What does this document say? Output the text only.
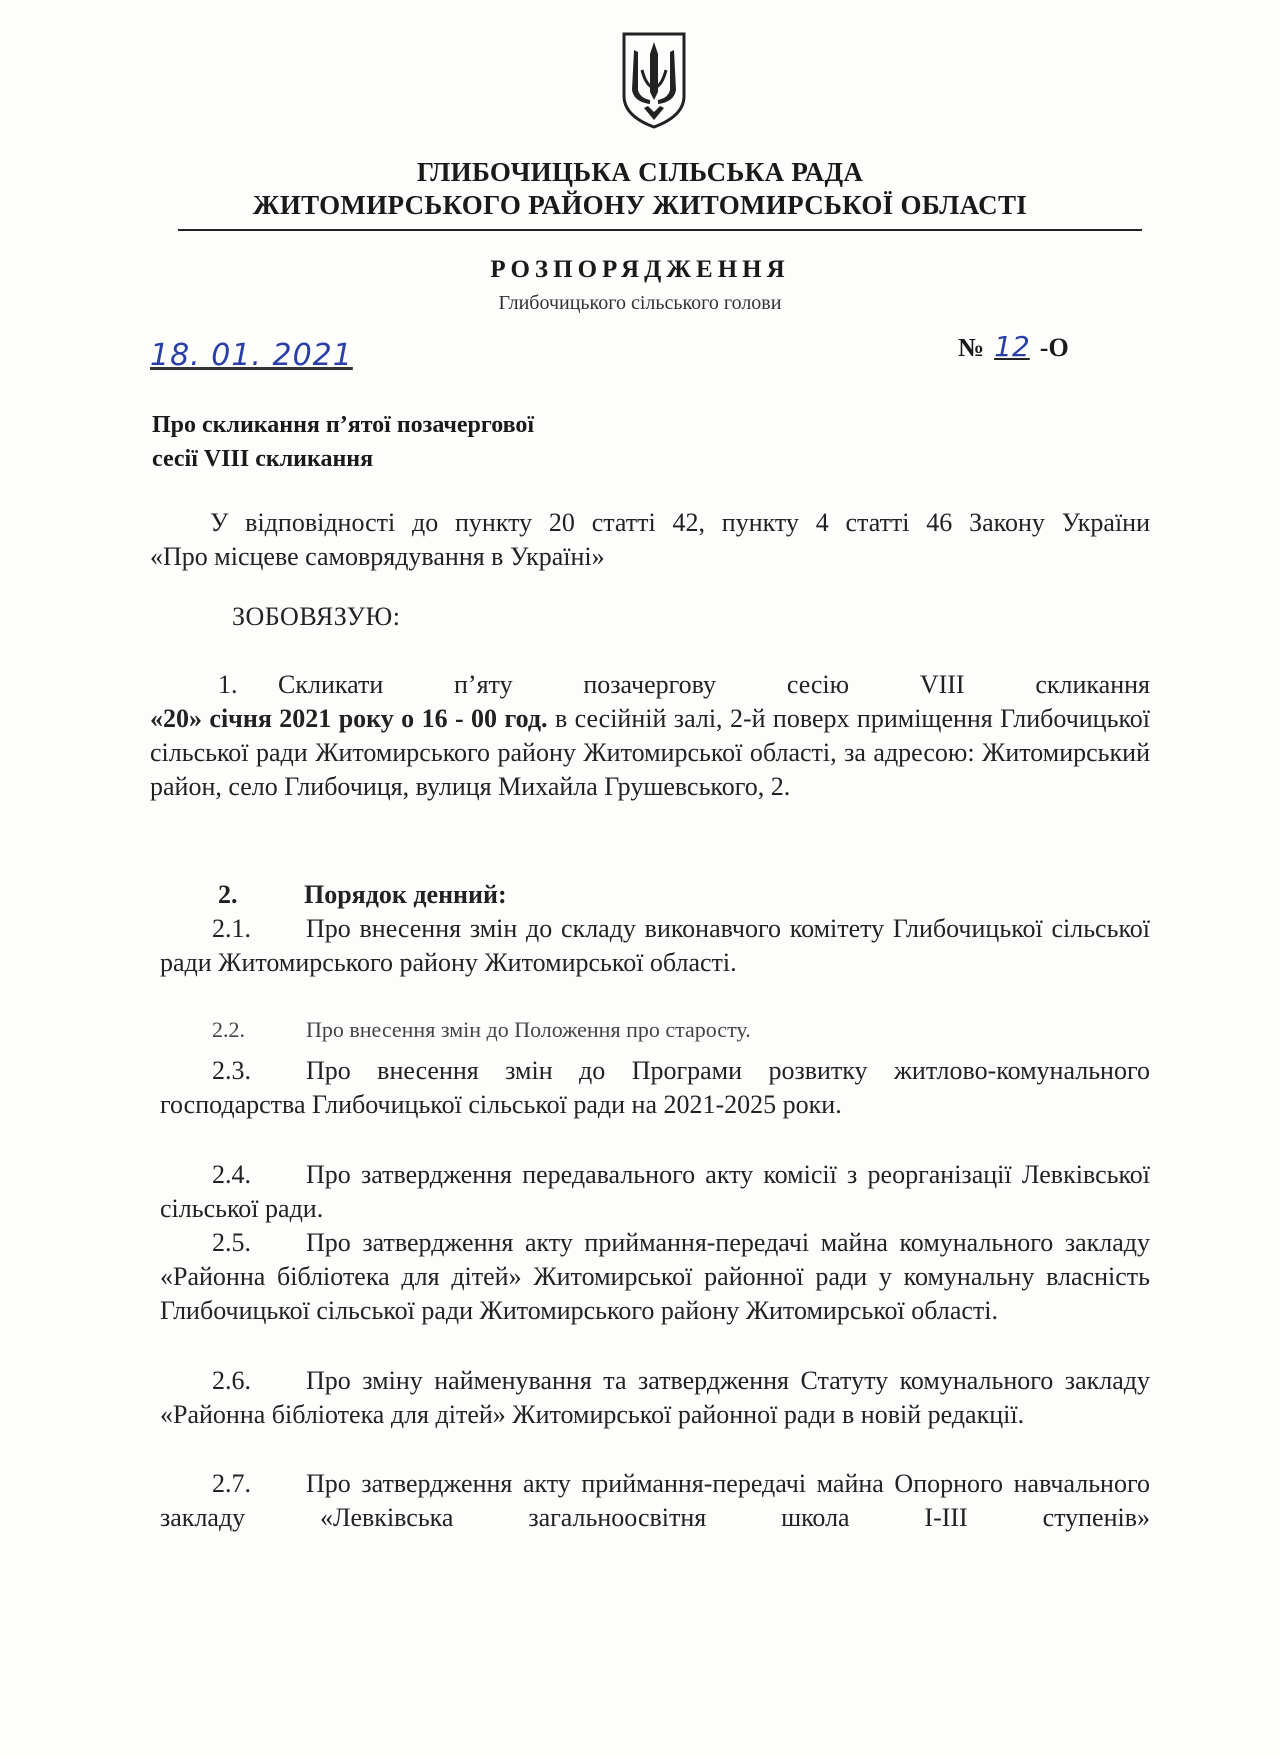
ГЛИБОЧИЦЬКА СІЛЬСЬКА РАДА
ЖИТОМИРСЬКОГО РАЙОНУ ЖИТОМИРСЬКОЇ ОБЛАСТІ
РОЗПОРЯДЖЕННЯ
Глибочицького сільського голови
18. 01. 2021	№ 12 -О
Про скликання п’ятої позачергової
сесії VIII скликання
У відповідності до пункту 20 статті 42, пункту 4 статті 46 Закону України
«Про місцеве самоврядування в Україні»
ЗОБОВЯЗУЮ:
1. Скликати п’яту позачергову сесію VIII скликання
«20» січня 2021 року о 16 - 00 год. в сесійній залі, 2-й поверх приміщення Глибочицької сільської ради Житомирського району Житомирської області, за адресою: Житомирський район, село Глибочиця, вулиця Михайла Грушевського, 2.
2.	Порядок денний:
2.1. Про внесення змін до складу виконавчого комітету Глибочицької сільської ради Житомирського району Житомирської області.
2.2.	Про внесення змін до Положення про старосту.
2.3. Про внесення змін до Програми розвитку житлово-комунального господарства Глибочицької сільської ради на 2021-2025 роки.
2.4. Про затвердження передавального акту комісії з реорганізації Левківської сільської ради.
2.5. Про затвердження акту приймання-передачі майна комунального закладу «Районна бібліотека для дітей» Житомирської районної ради у комунальну власність Глибочицької сільської ради Житомирського району Житомирської області.
2.6. Про зміну найменування та затвердження Статуту комунального закладу «Районна бібліотека для дітей» Житомирської районної ради в новій редакції.
2.7. Про затвердження акту приймання-передачі майна Опорного навчального закладу «Левківська загальноосвітня школа I-III ступенів»
